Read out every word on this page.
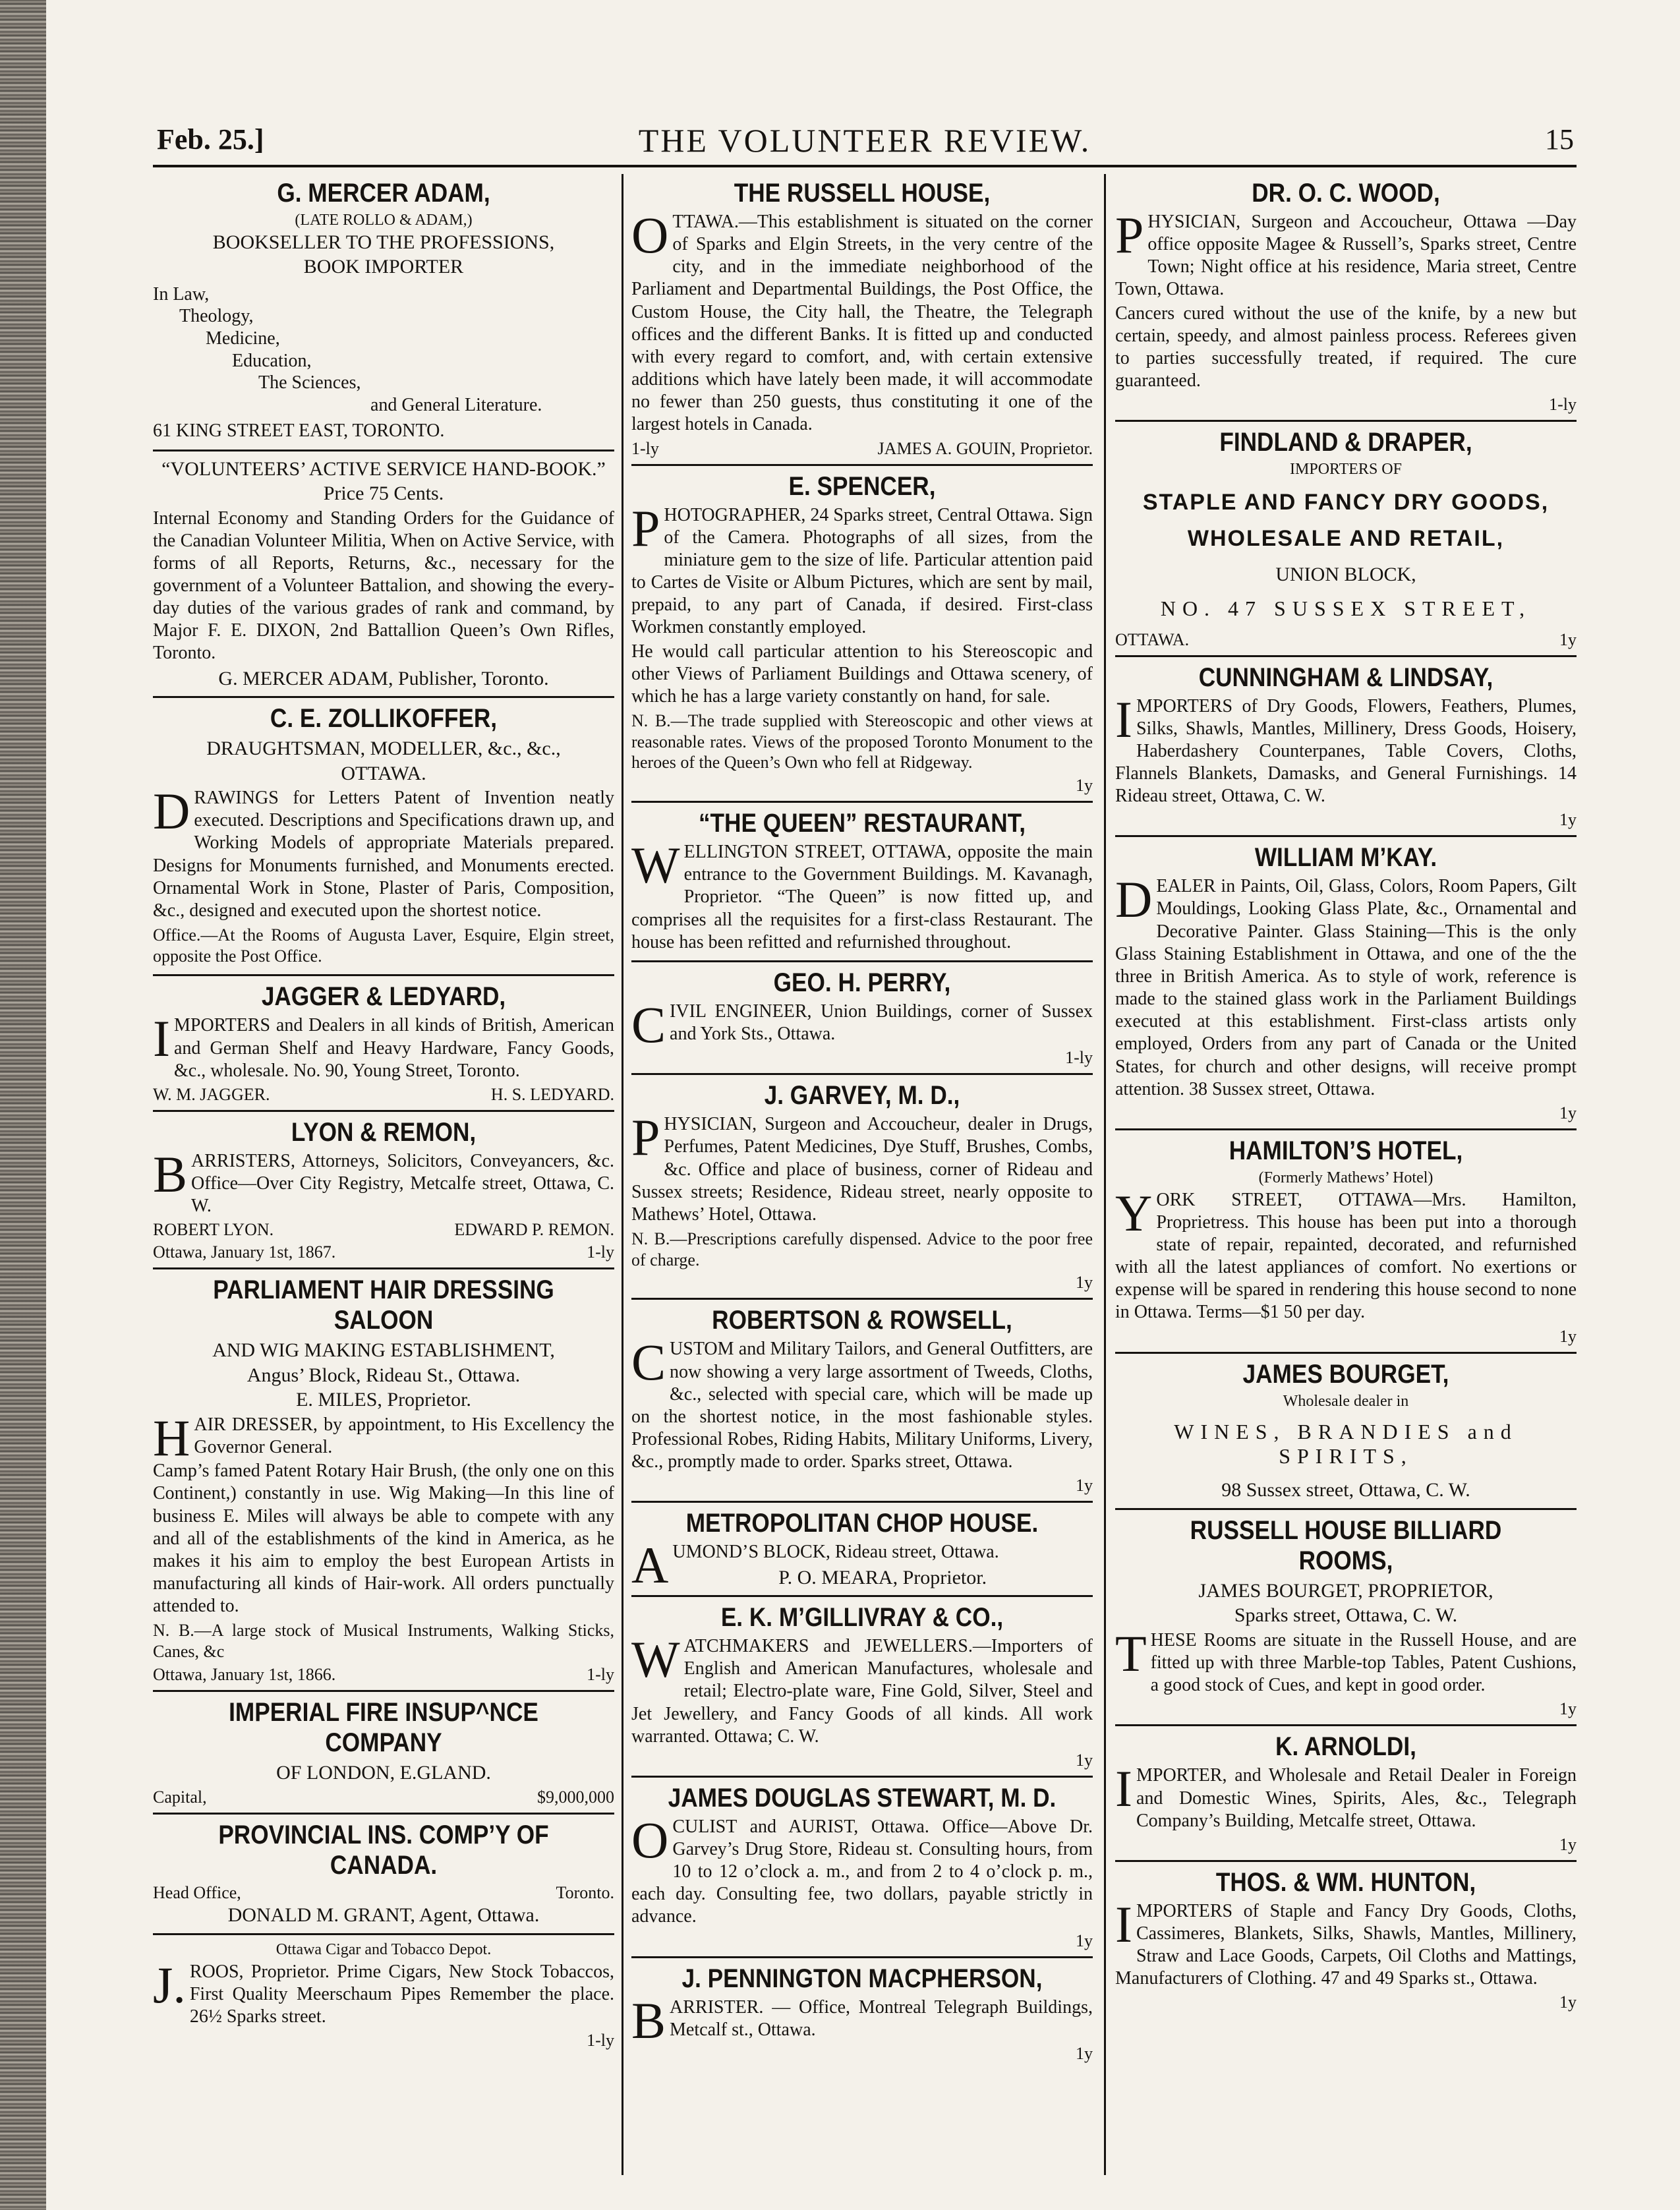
Feb. 25.]	THE VOLUNTEER REVIEW.	15
G. MERCER ADAM,
(LATE ROLLO & ADAM,)
BOOKSELLER TO THE PROFESSIONS,
BOOK IMPORTER
In Law,
Theology,
Medicine,
Education,
The Sciences,
and General Literature.
61 KING STREET EAST, TORONTO.
“VOLUNTEERS’ ACTIVE SERVICE HAND-BOOK.”
Price 75 Cents.

Internal Economy and Standing Orders for the Guidance of the Canadian Volunteer Militia, When on Active Service, with forms of all Reports, Returns, &c., necessary for the government of a Volunteer Battalion, and showing the every-day duties of the various grades of rank and command, by Major F. E. DIXON, 2nd Battallion Queen’s Own Rifles, Toronto.

G. MERCER ADAM, Publisher, Toronto.
C. E. ZOLLIKOFFER,
DRAUGHTSMAN, MODELLER, &c., &c.,
OTTAWA.

DRAWINGS for Letters Patent of Invention neatly executed. Descriptions and Specifications drawn up, and Working Models of appropriate Materials prepared. Designs for Monuments furnished, and Monuments erected. Ornamental Work in Stone, Plaster of Paris, Composition, &c., designed and executed upon the shortest notice.

Office.—At the Rooms of Augusta Laver, Esquire, Elgin street, opposite the Post Office.

JAGGER & LEDYARD,

IMPORTERS and Dealers in all kinds of British, American and German Shelf and Heavy Hardware, Fancy Goods, &c., wholesale. No. 90, Young Street, Toronto.

W. M. JAGGER.	H. S. LEDYARD.
LYON & REMON,

BARRISTERS, Attorneys, Solicitors, Conveyancers, &c. Office—Over City Registry, Metcalfe street, Ottawa, C. W.

ROBERT LYON.	EDWARD P. REMON.
Ottawa, January 1st, 1867.	1-ly
PARLIAMENT HAIR DRESSING SALOON
AND WIG MAKING ESTABLISHMENT,
Angus’ Block, Rideau St., Ottawa.
E. MILES, Proprietor.

HAIR DRESSER, by appointment, to His Excellency the Governor General.

Camp’s famed Patent Rotary Hair Brush, (the only one on this Continent,) constantly in use. Wig Making—In this line of business E. Miles will always be able to compete with any and all of the establishments of the kind in America, as he makes it his aim to employ the best European Artists in manufacturing all kinds of Hair-work. All orders punctually attended to.

N. B.—A large stock of Musical Instruments, Walking Sticks, Canes, &c

Ottawa, January 1st, 1866.	1-ly
IMPERIAL FIRE INSUP^NCE COMPANY
OF LONDON, E.GLAND.
Capital,	$9,000,000
PROVINCIAL INS. COMP’Y OF CANADA.
Head Office,	Toronto.
DONALD M. GRANT, Agent, Ottawa.
Ottawa Cigar and Tobacco Depot.

J. ROOS, Proprietor. Prime Cigars, New Stock Tobaccos, First Quality Meerschaum Pipes Remember the place. 26½ Sparks street.

1-ly
THE RUSSELL HOUSE,

OTTAWA.—This establishment is situated on the corner of Sparks and Elgin Streets, in the very centre of the city, and in the immediate neighborhood of the Parliament and Departmental Buildings, the Post Office, the Custom House, the City hall, the Theatre, the Telegraph offices and the different Banks. It is fitted up and conducted with every regard to comfort, and, with certain extensive additions which have lately been made, it will accommodate no fewer than 250 guests, thus constituting it one of the largest hotels in Canada.

1-ly	JAMES A. GOUIN, Proprietor.
E. SPENCER,

PHOTOGRAPHER, 24 Sparks street, Central Ottawa. Sign of the Camera. Photographs of all sizes, from the miniature gem to the size of life. Particular attention paid to Cartes de Visite or Album Pictures, which are sent by mail, prepaid, to any part of Canada, if desired. First-class Workmen constantly employed.

He would call particular attention to his Stereoscopic and other Views of Parliament Buildings and Ottawa scenery, of which he has a large variety constantly on hand, for sale.

N. B.—The trade supplied with Stereoscopic and other views at reasonable rates. Views of the proposed Toronto Monument to the heroes of the Queen’s Own who fell at Ridgeway.

1y
“THE QUEEN” RESTAURANT,

WELLINGTON STREET, OTTAWA, opposite the main entrance to the Government Buildings. M. Kavanagh, Proprietor. “The Queen” is now fitted up, and comprises all the requisites for a first-class Restaurant. The house has been refitted and refurnished throughout.

GEO. H. PERRY,

CIVIL ENGINEER, Union Buildings, corner of Sussex and York Sts., Ottawa.

1-ly
J. GARVEY, M. D.,

PHYSICIAN, Surgeon and Accoucheur, dealer in Drugs, Perfumes, Patent Medicines, Dye Stuff, Brushes, Combs, &c. Office and place of business, corner of Rideau and Sussex streets; Residence, Rideau street, nearly opposite to Mathews’ Hotel, Ottawa.

N. B.—Prescriptions carefully dispensed. Advice to the poor free of charge.

1y
ROBERTSON & ROWSELL,

CUSTOM and Military Tailors, and General Outfitters, are now showing a very large assortment of Tweeds, Cloths, &c., selected with special care, which will be made up on the shortest notice, in the most fashionable styles. Professional Robes, Riding Habits, Military Uniforms, Livery, &c., promptly made to order. Sparks street, Ottawa.

1y
METROPOLITAN CHOP HOUSE.

AUMOND’S BLOCK, Rideau street, Ottawa.

P. O. MEARA, Proprietor.
E. K. M’GILLIVRAY & CO.,

WATCHMAKERS and JEWELLERS.—Importers of English and American Manufactures, wholesale and retail; Electro-plate ware, Fine Gold, Silver, Steel and Jet Jewellery, and Fancy Goods of all kinds. All work warranted. Ottawa; C. W.

1y
JAMES DOUGLAS STEWART, M. D.

OCULIST and AURIST, Ottawa. Office—Above Dr. Garvey’s Drug Store, Rideau st. Consulting hours, from 10 to 12 o’clock a. m., and from 2 to 4 o’clock p. m., each day. Consulting fee, two dollars, payable strictly in advance.

1y
J. PENNINGTON MACPHERSON,

BARRISTER. — Office, Montreal Telegraph Buildings, Metcalf st., Ottawa.

1y
DR. O. C. WOOD,

PHYSICIAN, Surgeon and Accoucheur, Ottawa —Day office opposite Magee & Russell’s, Sparks street, Centre Town; Night office at his residence, Maria street, Centre Town, Ottawa.

Cancers cured without the use of the knife, by a new but certain, speedy, and almost painless process. Referees given to parties successfully treated, if required. The cure guaranteed.

1-ly
FINDLAND & DRAPER,
IMPORTERS OF
STAPLE AND FANCY DRY GOODS,
WHOLESALE AND RETAIL,
UNION BLOCK,
NO. 47 SUSSEX STREET,
OTTAWA.	1y
CUNNINGHAM & LINDSAY,

IMPORTERS of Dry Goods, Flowers, Feathers, Plumes, Silks, Shawls, Mantles, Millinery, Dress Goods, Hoisery, Haberdashery Counterpanes, Table Covers, Cloths, Flannels Blankets, Damasks, and General Furnishings. 14 Rideau street, Ottawa, C. W.

1y
WILLIAM M’KAY.

DEALER in Paints, Oil, Glass, Colors, Room Papers, Gilt Mouldings, Looking Glass Plate, &c., Ornamental and Decorative Painter. Glass Staining—This is the only Glass Staining Establishment in Ottawa, and one of the the three in British America. As to style of work, reference is made to the stained glass work in the Parliament Buildings executed at this establishment. First-class artists only employed, Orders from any part of Canada or the United States, for church and other designs, will receive prompt attention. 38 Sussex street, Ottawa.

1y
HAMILTON’S HOTEL,
(Formerly Mathews’ Hotel)

YORK STREET, OTTAWA—Mrs. Hamilton, Proprietress. This house has been put into a thorough state of repair, repainted, decorated, and refurnished with all the latest appliances of comfort. No exertions or expense will be spared in rendering this house second to none in Ottawa. Terms—$1 50 per day.

1y
JAMES BOURGET,
Wholesale dealer in
WINES, BRANDIES and SPIRITS,
98 Sussex street, Ottawa, C. W.
RUSSELL HOUSE BILLIARD ROOMS,
JAMES BOURGET, PROPRIETOR,
Sparks street, Ottawa, C. W.

THESE Rooms are situate in the Russell House, and are fitted up with three Marble-top Tables, Patent Cushions, a good stock of Cues, and kept in good order.

1y
K. ARNOLDI,

IMPORTER, and Wholesale and Retail Dealer in Foreign and Domestic Wines, Spirits, Ales, &c., Telegraph Company’s Building, Metcalfe street, Ottawa.

1y
THOS. & WM. HUNTON,

IMPORTERS of Staple and Fancy Dry Goods, Cloths, Cassimeres, Blankets, Silks, Shawls, Mantles, Millinery, Straw and Lace Goods, Carpets, Oil Cloths and Mattings, Manufacturers of Clothing. 47 and 49 Sparks st., Ottawa.

1y
